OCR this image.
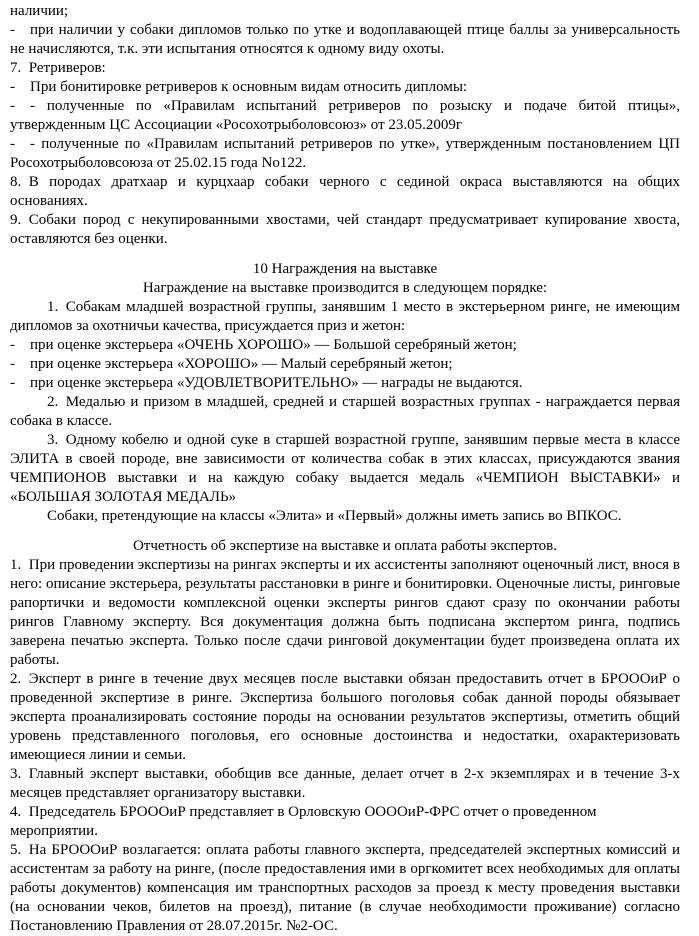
наличии;

- при наличии у собаки дипломов только по утке и водоплавающей птице баллы за универсальность не начисляются, т.к. эти испытания относятся к одному виду охоты.

7. Ретриверов:

- При бонитировке ретриверов к основным видам относить дипломы:

- - полученные по «Правилам испытаний ретриверов по розыску и подаче битой птицы», утвержденным ЦС Ассоциации «Росохотрыболовсоюз» от 23.05.2009г

- - полученные по «Правилам испытаний ретриверов по утке», утвержденным постановлением ЦП Росохотрыболовсоюза от 25.02.15 года No122.

8. В породах дратхаар и курцхаар собаки черного с сединой окраса выставляются на общих основаниях.

9. Собаки пород с некупированными хвостами, чей стандарт предусматривает купирование хвоста, оставляются без оценки.

10 Награждения на выставке

Награждение на выставке производится в следующем порядке:

1. Собакам младшей возрастной группы, занявшим 1 место в экстерьерном ринге, не имеющим дипломов за охотничьи качества, присуждается приз и жетон:

- при оценке экстерьера «ОЧЕНЬ ХОРОШО» — Большой серебряный жетон;

- при оценке экстерьера «ХОРОШО» — Малый серебряный жетон;

- при оценке экстерьера «УДОВЛЕТВОРИТЕЛЬНО» — награды не выдаются.

2. Медалью и призом в младшей, средней и старшей возрастных группах - награждается первая собака в классе.

3. Одному кобелю и одной суке в старшей возрастной группе, занявшим первые места в классе ЭЛИТА в своей породе, вне зависимости от количества собак в этих классах, присуждаются звания ЧЕМПИОНОВ выставки и на каждую собаку выдается медаль «ЧЕМПИОН ВЫСТАВКИ» и «БОЛЬШАЯ ЗОЛОТАЯ МЕДАЛЬ»

Собаки, претендующие на классы «Элита» и «Первый» должны иметь запись во ВПКОС.

Отчетность об экспертизе на выставке и оплата работы экспертов.

1. При проведении экспертизы на рингах эксперты и их ассистенты заполняют оценочный лист, внося в него: описание экстерьера, результаты расстановки в ринге и бонитировки. Оценочные листы, ринговые рапортички и ведомости комплексной оценки эксперты рингов сдают сразу по окончании работы рингов Главному эксперту. Вся документация должна быть подписана экспертом ринга, подпись заверена печатью эксперта. Только после сдачи ринговой документации будет произведена оплата их работы.

2. Эксперт в ринге в течение двух месяцев после выставки обязан предоставить отчет в БРОООиР о проведенной экспертизе в ринге. Экспертиза большого поголовья собак данной породы обязывает эксперта проанализировать состояние породы на основании результатов экспертизы, отметить общий уровень представленного поголовья, его основные достоинства и недостатки, охарактеризовать имеющиеся линии и семьи.

3. Главный эксперт выставки, обобщив все данные, делает отчет в 2-х экземплярах и в течение 3-х месяцев представляет организатору выставки.

4. Председатель БРОООиР представляет в Орловскую ООООиР-ФРС отчет о проведенном
мероприятии.

5. На БРОООиР возлагается: оплата работы главного эксперта, председателей экспертных комиссий и ассистентам за работу на ринге, (после предоставления ими в оргкомитет всех необходимых для оплаты работы документов) компенсация им транспортных расходов за проезд к месту проведения выставки (на основании чеков, билетов на проезд), питание (в случае необходимости проживание) согласно Постановлению Правления от 28.07.2015г. №2-ОС.
